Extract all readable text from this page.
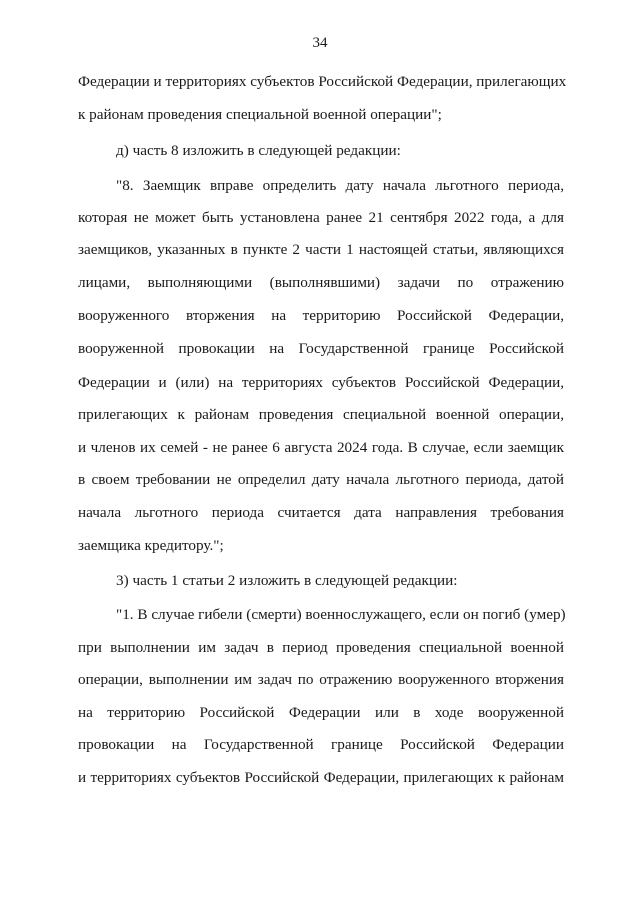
34
Федерации и территориях субъектов Российской Федерации, прилегающих
к районам проведения специальной военной операции";
д) часть 8 изложить в следующей редакции:
"8. Заемщик вправе определить дату начала льготного периода,
которая не может быть установлена ранее 21 сентября 2022 года, а для
заемщиков, указанных в пункте 2 части 1 настоящей статьи, являющихся
лицами, выполняющими (выполнявшими) задачи по отражению
вооруженного вторжения на территорию Российской Федерации,
вооруженной провокации на Государственной границе Российской
Федерации и (или) на территориях субъектов Российской Федерации,
прилегающих к районам проведения специальной военной операции,
и членов их семей - не ранее 6 августа 2024 года. В случае, если заемщик
в своем требовании не определил дату начала льготного периода, датой
начала льготного периода считается дата направления требования
заемщика кредитору.";
3) часть 1 статьи 2 изложить в следующей редакции:
"1. В случае гибели (смерти) военнослужащего, если он погиб (умер)
при выполнении им задач в период проведения специальной военной
операции, выполнении им задач по отражению вооруженного вторжения
на территорию Российской Федерации или в ходе вооруженной
провокации на Государственной границе Российской Федерации
и территориях субъектов Российской Федерации, прилегающих к районам
